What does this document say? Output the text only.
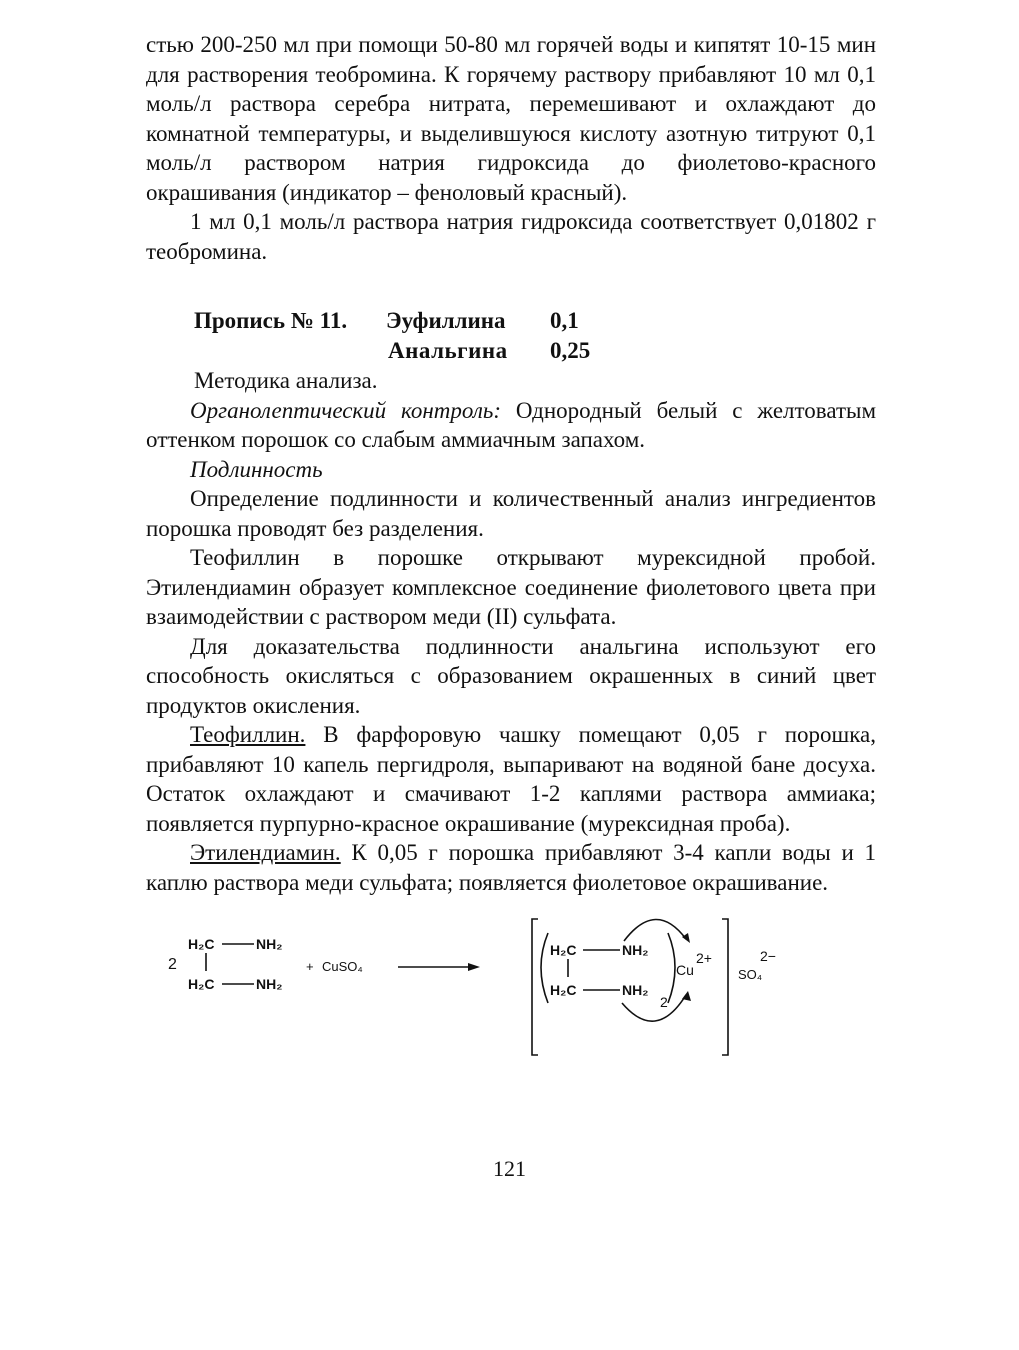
стью 200-250 мл при помощи 50-80 мл горячей воды и кипятят 10-15 мин для растворения теобромина. К горячему раствору прибавляют 10 мл 0,1 моль/л раствора серебра нитрата, перемешивают и охлаждают до комнатной температуры, и выделившуюся кислоту азотную титруют 0,1 моль/л раствором натрия гидроксида до фиолетово-красного окрашивания (индикатор – феноловый красный).

1 мл 0,1 моль/л раствора натрия гидроксида соответствует 0,01802 г теобромина.

Пропись № 11. Эуфиллина 0,1
Анальгина 0,25

Методика анализа.

Органолептический контроль: Однородный белый с желтоватым оттенком порошок со слабым аммиачным запахом.

Подлинность

Определение подлинности и количественный анализ ингредиентов порошка проводят без разделения.

Теофиллин в порошке открывают мурексидной пробой. Этилендиамин образует комплексное соединение фиолетового цвета при взаимодействии с раствором меди (II) сульфата.

Для доказательства подлинности анальгина используют его способность окисляться с образованием окрашенных в синий цвет продуктов окисления.

Теофиллин. В фарфоровую чашку помещают 0,05 г порошка, прибавляют 10 капель пергидроля, выпаривают на водяной бане досуха. Остаток охлаждают и смачивают 1-2 каплями раствора аммиака; появляется пурпурно-красное окрашивание (мурексидная проба).

Этилендиамин. К 0,05 г порошка прибавляют 3-4 капли воды и 1 каплю раствора меди сульфата; появляется фиолетовое окрашивание.

2
H₂C	NH₂
H₂C	NH₂
+ CuSO₄
H₂C	NH₂
H₂C	NH₂
2
Cu
2+
SO₄
2−
121
